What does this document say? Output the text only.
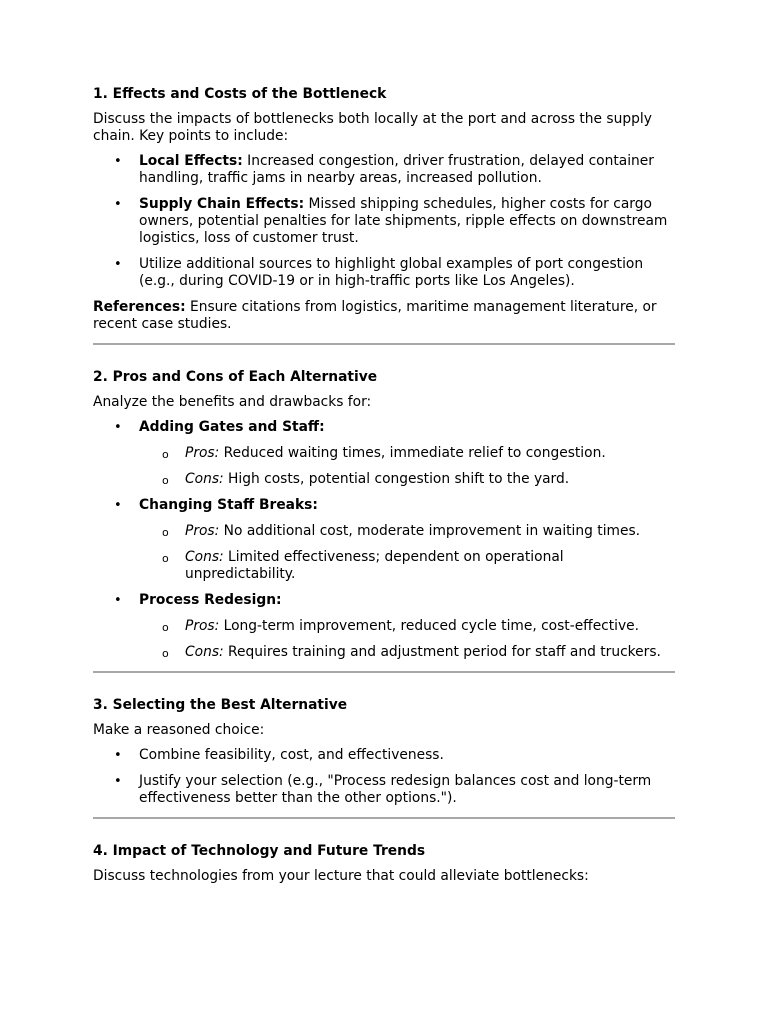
1. Effects and Costs of the Bottleneck

Discuss the impacts of bottlenecks both locally at the port and across the supply chain. Key points to include:

• Local Effects: Increased congestion, driver frustration, delayed container handling, traffic jams in nearby areas, increased pollution.
• Supply Chain Effects: Missed shipping schedules, higher costs for cargo owners, potential penalties for late shipments, ripple effects on downstream logistics, loss of customer trust.
• Utilize additional sources to highlight global examples of port congestion (e.g., during COVID-19 or in high-traffic ports like Los Angeles).

References: Ensure citations from logistics, maritime management literature, or recent case studies.

2. Pros and Cons of Each Alternative

Analyze the benefits and drawbacks for:

• Adding Gates and Staff:
o Pros: Reduced waiting times, immediate relief to congestion.
o Cons: High costs, potential congestion shift to the yard.
• Changing Staff Breaks:
o Pros: No additional cost, moderate improvement in waiting times.
o Cons: Limited effectiveness; dependent on operational unpredictability.
• Process Redesign:
o Pros: Long-term improvement, reduced cycle time, cost-effective.
o Cons: Requires training and adjustment period for staff and truckers.
3. Selecting the Best Alternative

Make a reasoned choice:

• Combine feasibility, cost, and effectiveness.
• Justify your selection (e.g., "Process redesign balances cost and long-term effectiveness better than the other options.").
4. Impact of Technology and Future Trends

Discuss technologies from your lecture that could alleviate bottlenecks:
